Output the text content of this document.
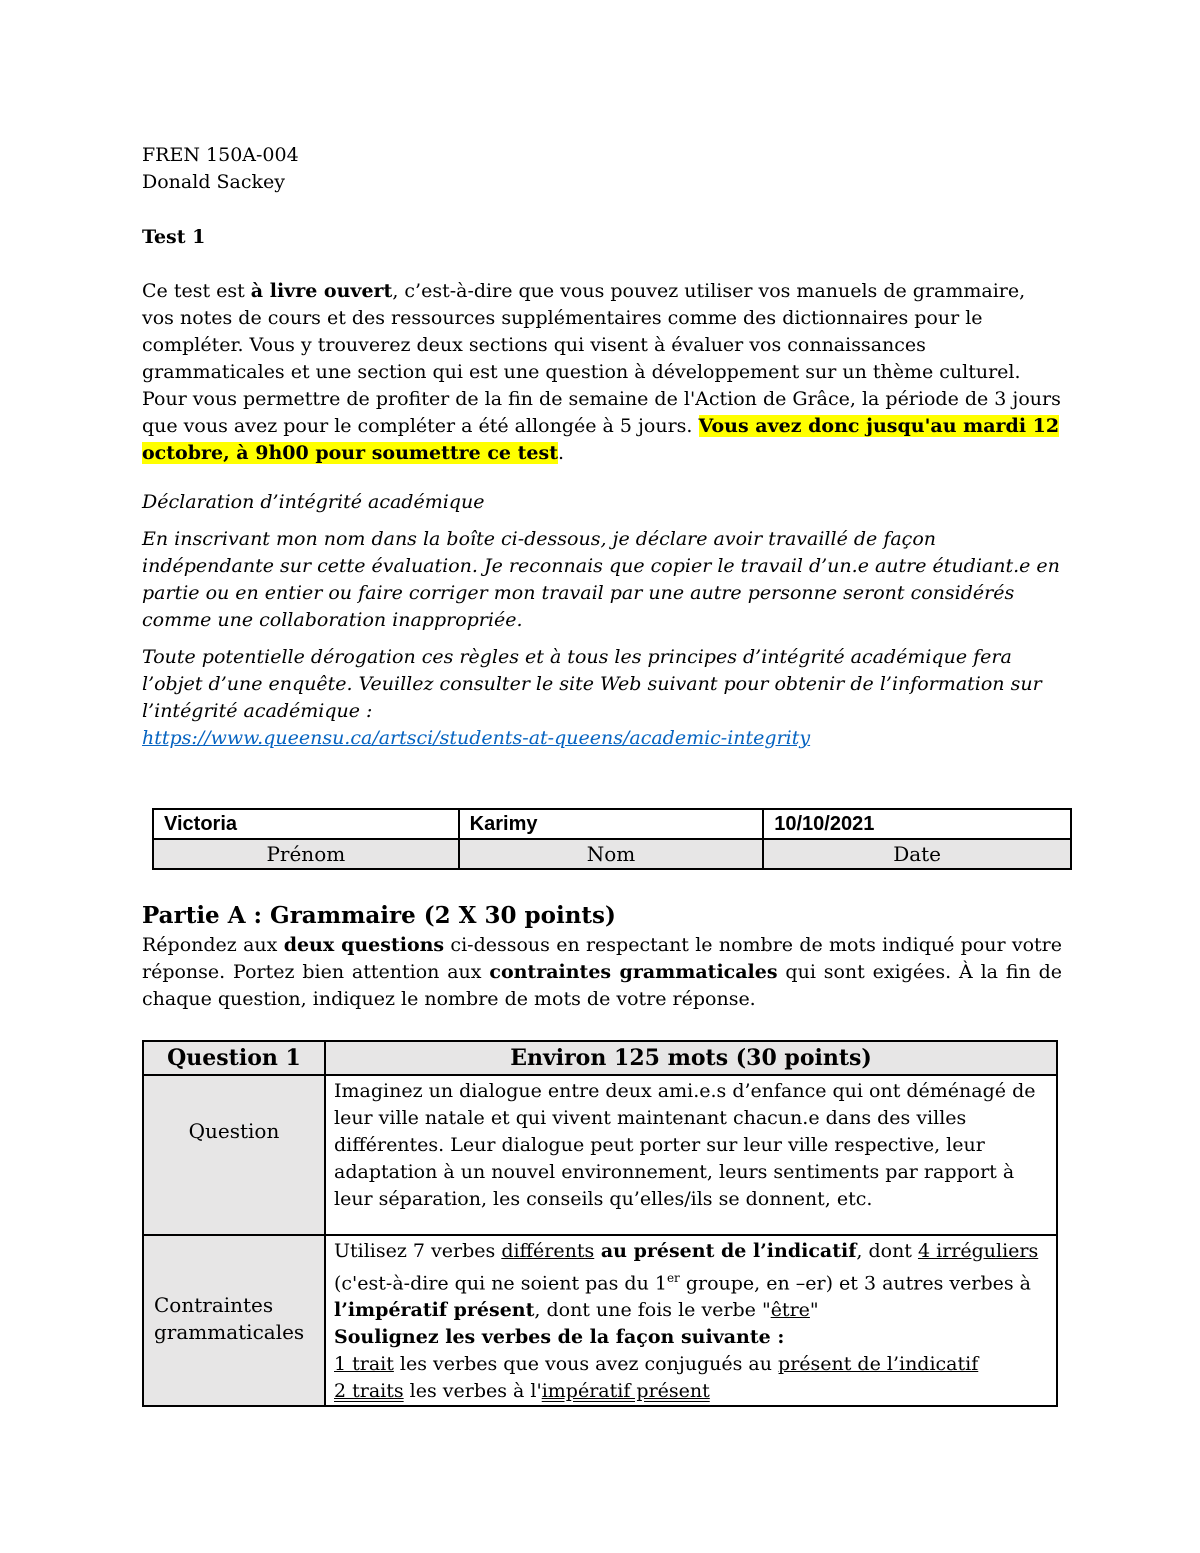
FREN 150A-004

Donald Sackey

Test 1

Ce test est à livre ouvert, c’est-à-dire que vous pouvez utiliser vos manuels de grammaire, vos notes de cours et des ressources supplémentaires comme des dictionnaires pour le compléter. Vous y trouverez deux sections qui visent à évaluer vos connaissances grammaticales et une section qui est une question à développement sur un thème culturel. Pour vous permettre de profiter de la fin de semaine de l'Action de Grâce, la période de 3 jours que vous avez pour le compléter a été allongée à 5 jours. Vous avez donc jusqu'au mardi 12 octobre, à 9h00 pour soumettre ce test.

Déclaration d’intégrité académique

En inscrivant mon nom dans la boîte ci-dessous, je déclare avoir travaillé de façon indépendante sur cette évaluation. Je reconnais que copier le travail d’un.e autre étudiant.e en partie ou en entier ou faire corriger mon travail par une autre personne seront considérés comme une collaboration inappropriée.

Toute potentielle dérogation ces règles et à tous les principes d’intégrité académique fera l’objet d’une enquête. Veuillez consulter le site Web suivant pour obtenir de l’information sur l’intégrité académique :
https://www.queensu.ca/artsci/students-at-queens/academic-integrity

Victoria	Karimy	10/10/2021
Prénom	Nom	Date

Partie A : Grammaire (2 X 30 points)

Répondez aux deux questions ci-dessous en respectant le nombre de mots indiqué pour votre réponse. Portez bien attention aux contraintes grammaticales qui sont exigées. À la fin de chaque question, indiquez le nombre de mots de votre réponse.

Question 1	Environ 125 mots (30 points)
Question	Imaginez un dialogue entre deux ami.e.s d’enfance qui ont déménagé de leur ville natale et qui vivent maintenant chacun.e dans des villes différentes. Leur dialogue peut porter sur leur ville respective, leur adaptation à un nouvel environnement, leurs sentiments par rapport à leur séparation, les conseils qu’elles/ils se donnent, etc.
Contraintes grammaticales	Utilisez 7 verbes différents au présent de l’indicatif, dont 4 irréguliers (c'est-à-dire qui ne soient pas du 1er groupe, en –er) et 3 autres verbes à l’impératif présent, dont une fois le verbe "être"
Soulignez les verbes de la façon suivante :
1 trait les verbes que vous avez conjugués au présent de l’indicatif
2 traits les verbes à l'impératif présent
